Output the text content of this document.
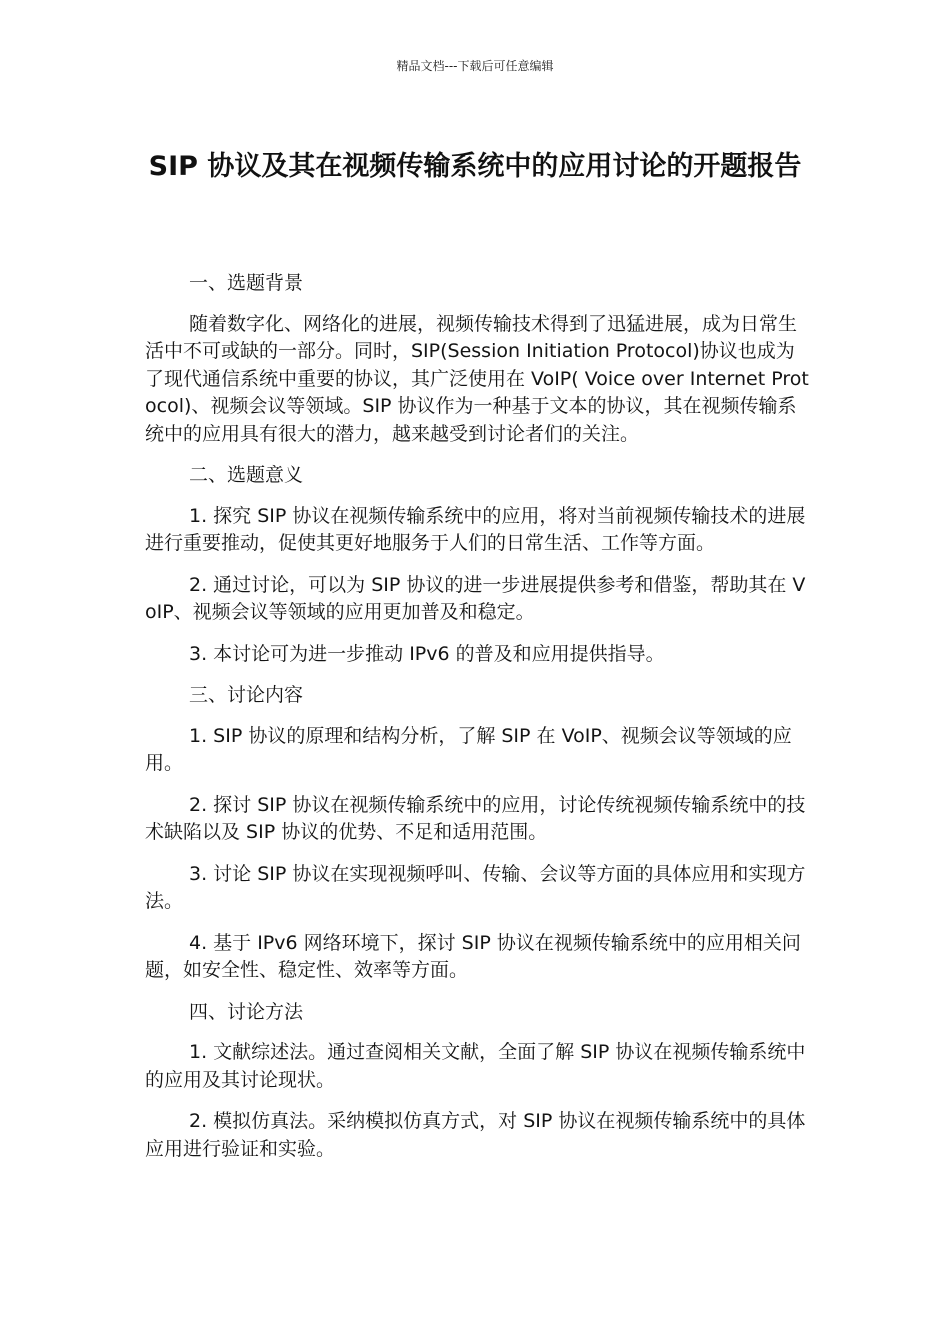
精品文档---下载后可任意编辑
SIP 协议及其在视频传输系统中的应用讨论的开题报告

一、选题背景

随着数字化、网络化的进展，视频传输技术得到了迅猛进展，成为日常生活中不可或缺的一部分。同时，SIP(Session Initiation Protocol)协议也成为了现代通信系统中重要的协议，其广泛使用在 VoIP( Voice over Internet Protocol)、视频会议等领域。SIP 协议作为一种基于文本的协议，其在视频传输系统中的应用具有很大的潜力，越来越受到讨论者们的关注。

二、选题意义

1. 探究 SIP 协议在视频传输系统中的应用，将对当前视频传输技术的进展进行重要推动，促使其更好地服务于人们的日常生活、工作等方面。

2. 通过讨论，可以为 SIP 协议的进一步进展提供参考和借鉴，帮助其在 VoIP、视频会议等领域的应用更加普及和稳定。

3. 本讨论可为进一步推动 IPv6 的普及和应用提供指导。

三、讨论内容

1. SIP 协议的原理和结构分析，了解 SIP 在 VoIP、视频会议等领域的应用。

2. 探讨 SIP 协议在视频传输系统中的应用，讨论传统视频传输系统中的技术缺陷以及 SIP 协议的优势、不足和适用范围。

3. 讨论 SIP 协议在实现视频呼叫、传输、会议等方面的具体应用和实现方法。

4. 基于 IPv6 网络环境下，探讨 SIP 协议在视频传输系统中的应用相关问题，如安全性、稳定性、效率等方面。

四、讨论方法

1. 文献综述法。通过查阅相关文献，全面了解 SIP 协议在视频传输系统中的应用及其讨论现状。

2. 模拟仿真法。采纳模拟仿真方式，对 SIP 协议在视频传输系统中的具体应用进行验证和实验。
